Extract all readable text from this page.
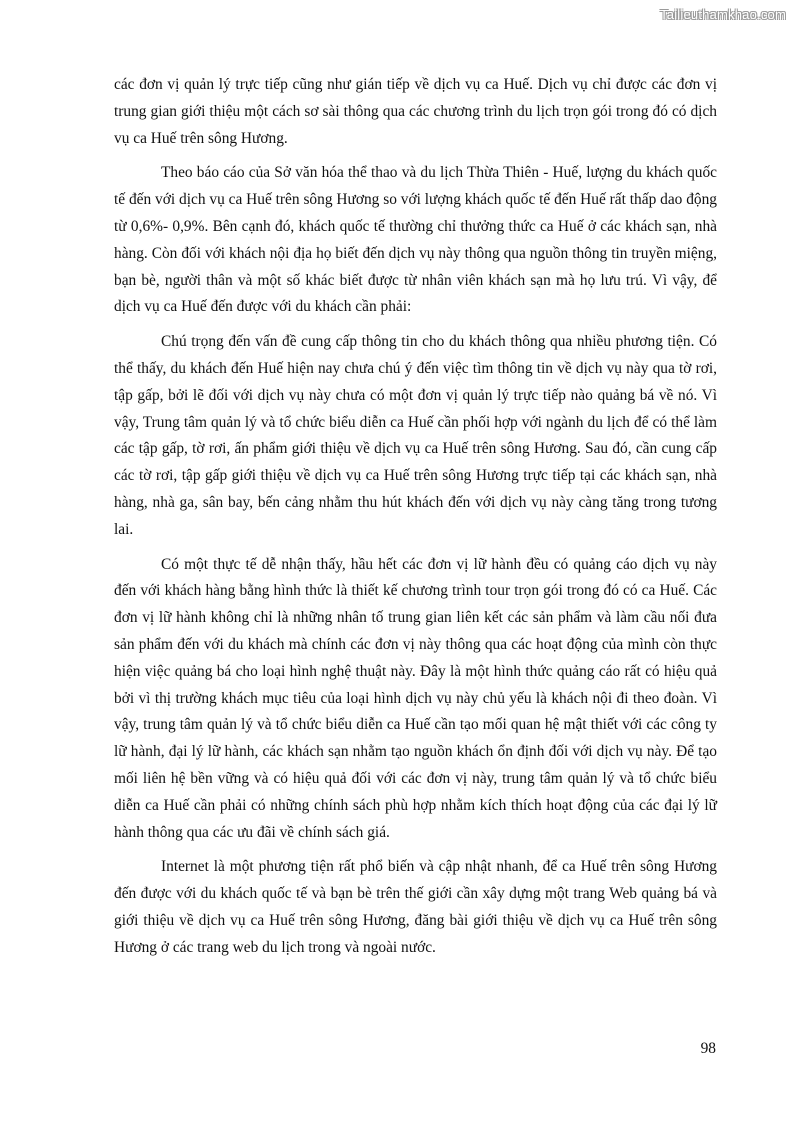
Tailieuthamkhao.com

các đơn vị quản lý trực tiếp cũng như gián tiếp về dịch vụ ca Huế. Dịch vụ chỉ được các đơn vị trung gian giới thiệu một cách sơ sài thông qua các chương trình du lịch trọn gói trong đó có dịch vụ ca Huế trên sông Hương.

Theo báo cáo của Sở văn hóa thể thao và du lịch Thừa Thiên - Huế, lượng du khách quốc tế đến với dịch vụ ca Huế trên sông Hương so với lượng khách quốc tế đến Huế rất thấp dao động từ 0,6%- 0,9%. Bên cạnh đó, khách quốc tế thường chỉ thưởng thức ca Huế ở các khách sạn, nhà hàng. Còn đối với khách nội địa họ biết đến dịch vụ này thông qua nguồn thông tin truyền miệng, bạn bè, người thân và một số khác biết được từ nhân viên khách sạn mà họ lưu trú. Vì vậy, để dịch vụ ca Huế đến được với du khách cần phải:

Chú trọng đến vấn đề cung cấp thông tin cho du khách thông qua nhiều phương tiện. Có thể thấy, du khách đến Huế hiện nay chưa chú ý đến việc tìm thông tin về dịch vụ này qua tờ rơi, tập gấp, bởi lẽ đối với dịch vụ này chưa có một đơn vị quản lý trực tiếp nào quảng bá về nó. Vì vậy, Trung tâm quản lý và tổ chức biểu diễn ca Huế cần phối hợp với ngành du lịch để có thể làm các tập gấp, tờ rơi, ấn phẩm giới thiệu về dịch vụ ca Huế trên sông Hương. Sau đó, cần cung cấp các tờ rơi, tập gấp giới thiệu về dịch vụ ca Huế trên sông Hương trực tiếp tại các khách sạn, nhà hàng, nhà ga, sân bay, bến cảng nhằm thu hút khách đến với dịch vụ này càng tăng trong tương lai.

Có một thực tế dễ nhận thấy, hầu hết các đơn vị lữ hành đều có quảng cáo dịch vụ này đến với khách hàng bằng hình thức là thiết kế chương trình tour trọn gói trong đó có ca Huế. Các đơn vị lữ hành không chỉ là những nhân tố trung gian liên kết các sản phẩm và làm cầu nối đưa sản phẩm đến với du khách mà chính các đơn vị này thông qua các hoạt động của mình còn thực hiện việc quảng bá cho loại hình nghệ thuật này. Đây là một hình thức quảng cáo rất có hiệu quả bởi vì thị trường khách mục tiêu của loại hình dịch vụ này chủ yếu là khách nội đi theo đoàn. Vì vậy, trung tâm quản lý và tổ chức biểu diễn ca Huế cần tạo mối quan hệ mật thiết với các công ty lữ hành, đại lý lữ hành, các khách sạn nhằm tạo nguồn khách ổn định đối với dịch vụ này. Để tạo mối liên hệ bền vững và có hiệu quả đối với các đơn vị này, trung tâm quản lý và tổ chức biểu diễn ca Huế cần phải có những chính sách phù hợp nhằm kích thích hoạt động của các đại lý lữ hành thông qua các ưu đãi về chính sách giá.

Internet là một phương tiện rất phổ biến và cập nhật nhanh, để ca Huế trên sông Hương đến được với du khách quốc tế và bạn bè trên thế giới cần xây dựng một trang Web quảng bá và giới thiệu về dịch vụ ca Huế trên sông Hương, đăng bài giới thiệu về dịch vụ ca Huế trên sông Hương ở các trang web du lịch trong và ngoài nước.

98
